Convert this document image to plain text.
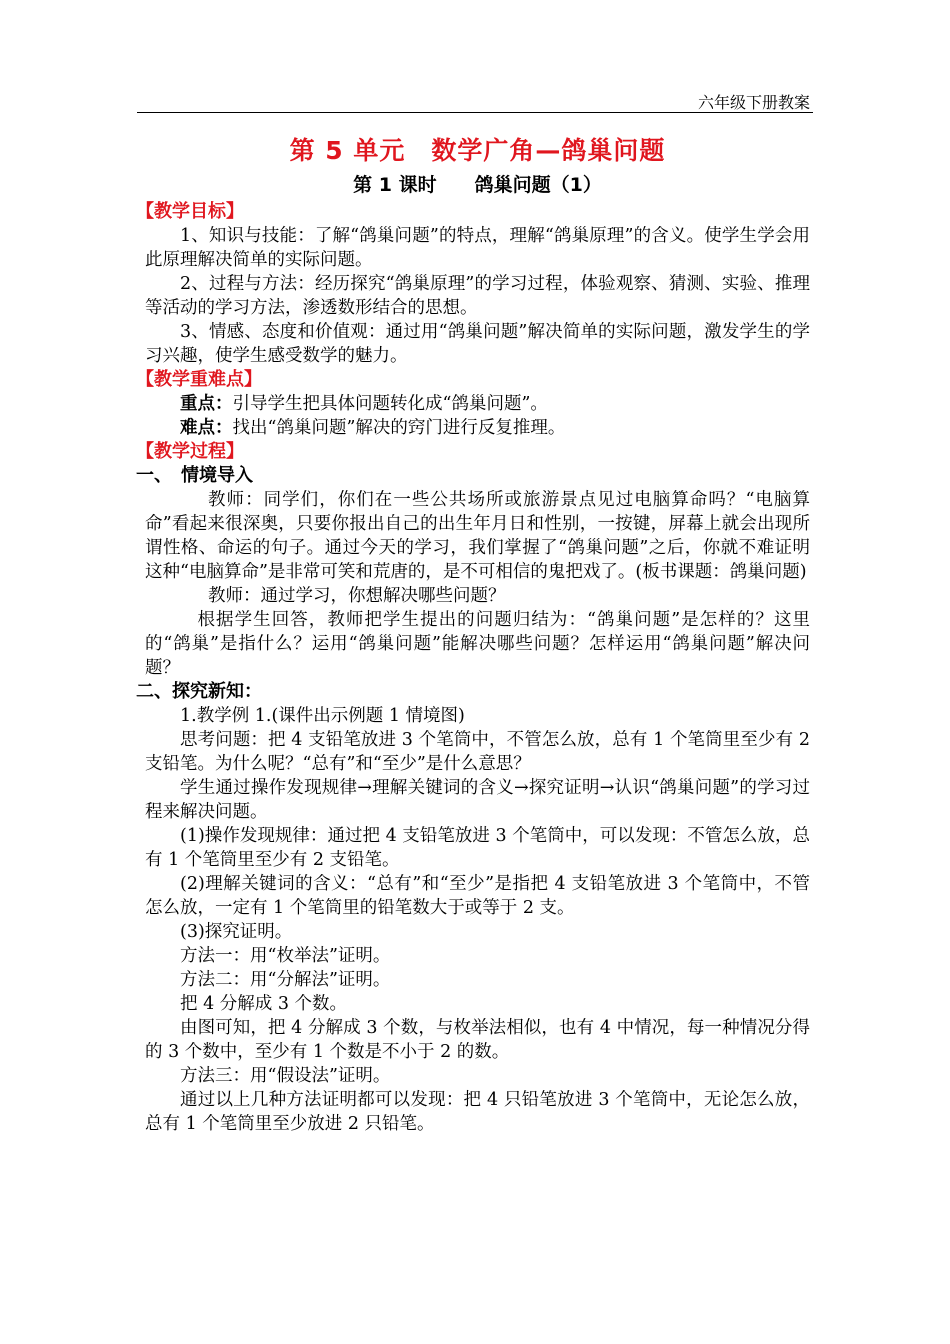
六年级下册教案
第 5 单元　数学广角—鸽巢问题
第 1 课时　　鸽巢问题（1）
【教学目标】

1、知识与技能：了解“鸽巢问题”的特点，理解“鸽巢原理”的含义。使学生学会用此原理解决简单的实际问题。

2、过程与方法：经历探究“鸽巢原理”的学习过程，体验观察、猜测、实验、推理等活动的学习方法，渗透数形结合的思想。

3、情感、态度和价值观：通过用“鸽巢问题”解决简单的实际问题，激发学生的学习兴趣，使学生感受数学的魅力。

【教学重难点】

重点：引导学生把具体问题转化成“鸽巢问题”。

难点：找出“鸽巢问题”解决的窍门进行反复推理。

【教学过程】
一、　情境导入

教师：同学们，你们在一些公共场所或旅游景点见过电脑算命吗？“电脑算命”看起来很深奥，只要你报出自己的出生年月日和性别，一按键，屏幕上就会出现所谓性格、命运的句子。通过今天的学习，我们掌握了“鸽巢问题”之后，你就不难证明这种“电脑算命”是非常可笑和荒唐的，是不可相信的鬼把戏了。(板书课题：鸽巢问题)

教师：通过学习，你想解决哪些问题？

根据学生回答，教师把学生提出的问题归结为：“鸽巢问题”是怎样的？这里的“鸽巢”是指什么？运用“鸽巢问题”能解决哪些问题？怎样运用“鸽巢问题”解决问题？

二、探究新知：

1.教学例 1.(课件出示例题 1 情境图)

思考问题：把 4 支铅笔放进 3 个笔筒中，不管怎么放，总有 1 个笔筒里至少有 2 支铅笔。为什么呢？“总有”和“至少”是什么意思？

学生通过操作发现规律→理解关键词的含义→探究证明→认识“鸽巢问题”的学习过程来解决问题。

(1)操作发现规律：通过把 4 支铅笔放进 3 个笔筒中，可以发现：不管怎么放，总有 1 个笔筒里至少有 2 支铅笔。

(2)理解关键词的含义：“总有”和“至少”是指把 4 支铅笔放进 3 个笔筒中，不管怎么放，一定有 1 个笔筒里的铅笔数大于或等于 2 支。

(3)探究证明。

方法一：用“枚举法”证明。

方法二：用“分解法”证明。

把 4 分解成 3 个数。

由图可知，把 4 分解成 3 个数，与枚举法相似，也有 4 中情况，每一种情况分得的 3 个数中，至少有 1 个数是不小于 2 的数。

方法三：用“假设法”证明。

通过以上几种方法证明都可以发现：把 4 只铅笔放进 3 个笔筒中，无论怎么放，总有 1 个笔筒里至少放进 2 只铅笔。
